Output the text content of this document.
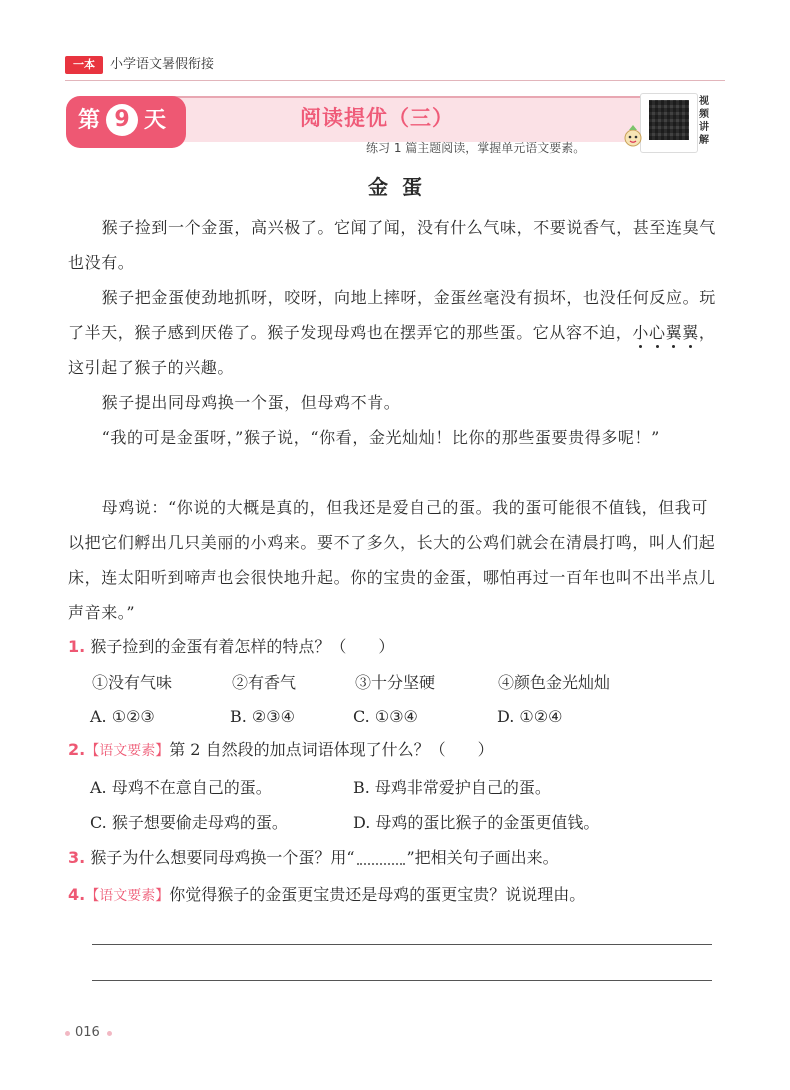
一本	小学语文暑假衔接
第 9 天	阅读提优（三）
练习 1 篇主题阅读，掌握单元语文要素。
视频讲解
金蛋

猴子捡到一个金蛋，高兴极了。它闻了闻，没有什么气味，不要说香气，甚至连臭气也没有。

猴子把金蛋使劲地抓呀，咬呀，向地上摔呀，金蛋丝毫没有损坏，也没任何反应。玩了半天，猴子感到厌倦了。猴子发现母鸡也在摆弄它的那些蛋。它从容不迫，小心翼翼，这引起了猴子的兴趣。

猴子提出同母鸡换一个蛋，但母鸡不肯。

“我的可是金蛋呀，”猴子说，“你看，金光灿灿！比你的那些蛋要贵得多呢！”

母鸡说：“你说的大概是真的，但我还是爱自己的蛋。我的蛋可能很不值钱，但我可以把它们孵出几只美丽的小鸡来。要不了多久，长大的公鸡们就会在清晨打鸣，叫人们起床，连太阳听到啼声也会很快地升起。你的宝贵的金蛋，哪怕再过一百年也叫不出半点儿声音来。”

1. 猴子捡到的金蛋有着怎样的特点？（　　）
①没有气味	②有香气	③十分坚硬	④颜色金光灿灿
A. ①②③	B. ②③④	C. ①③④	D. ①②④
2.【语文要素】第 2 自然段的加点词语体现了什么？（　　）
A. 母鸡不在意自己的蛋。	B. 母鸡非常爱护自己的蛋。
C. 猴子想要偷走母鸡的蛋。	D. 母鸡的蛋比猴子的金蛋更值钱。
3. 猴子为什么想要同母鸡换一个蛋？用“	”把相关句子画出来。
4.【语文要素】你觉得猴子的金蛋更宝贵还是母鸡的蛋更宝贵？说说理由。
016
